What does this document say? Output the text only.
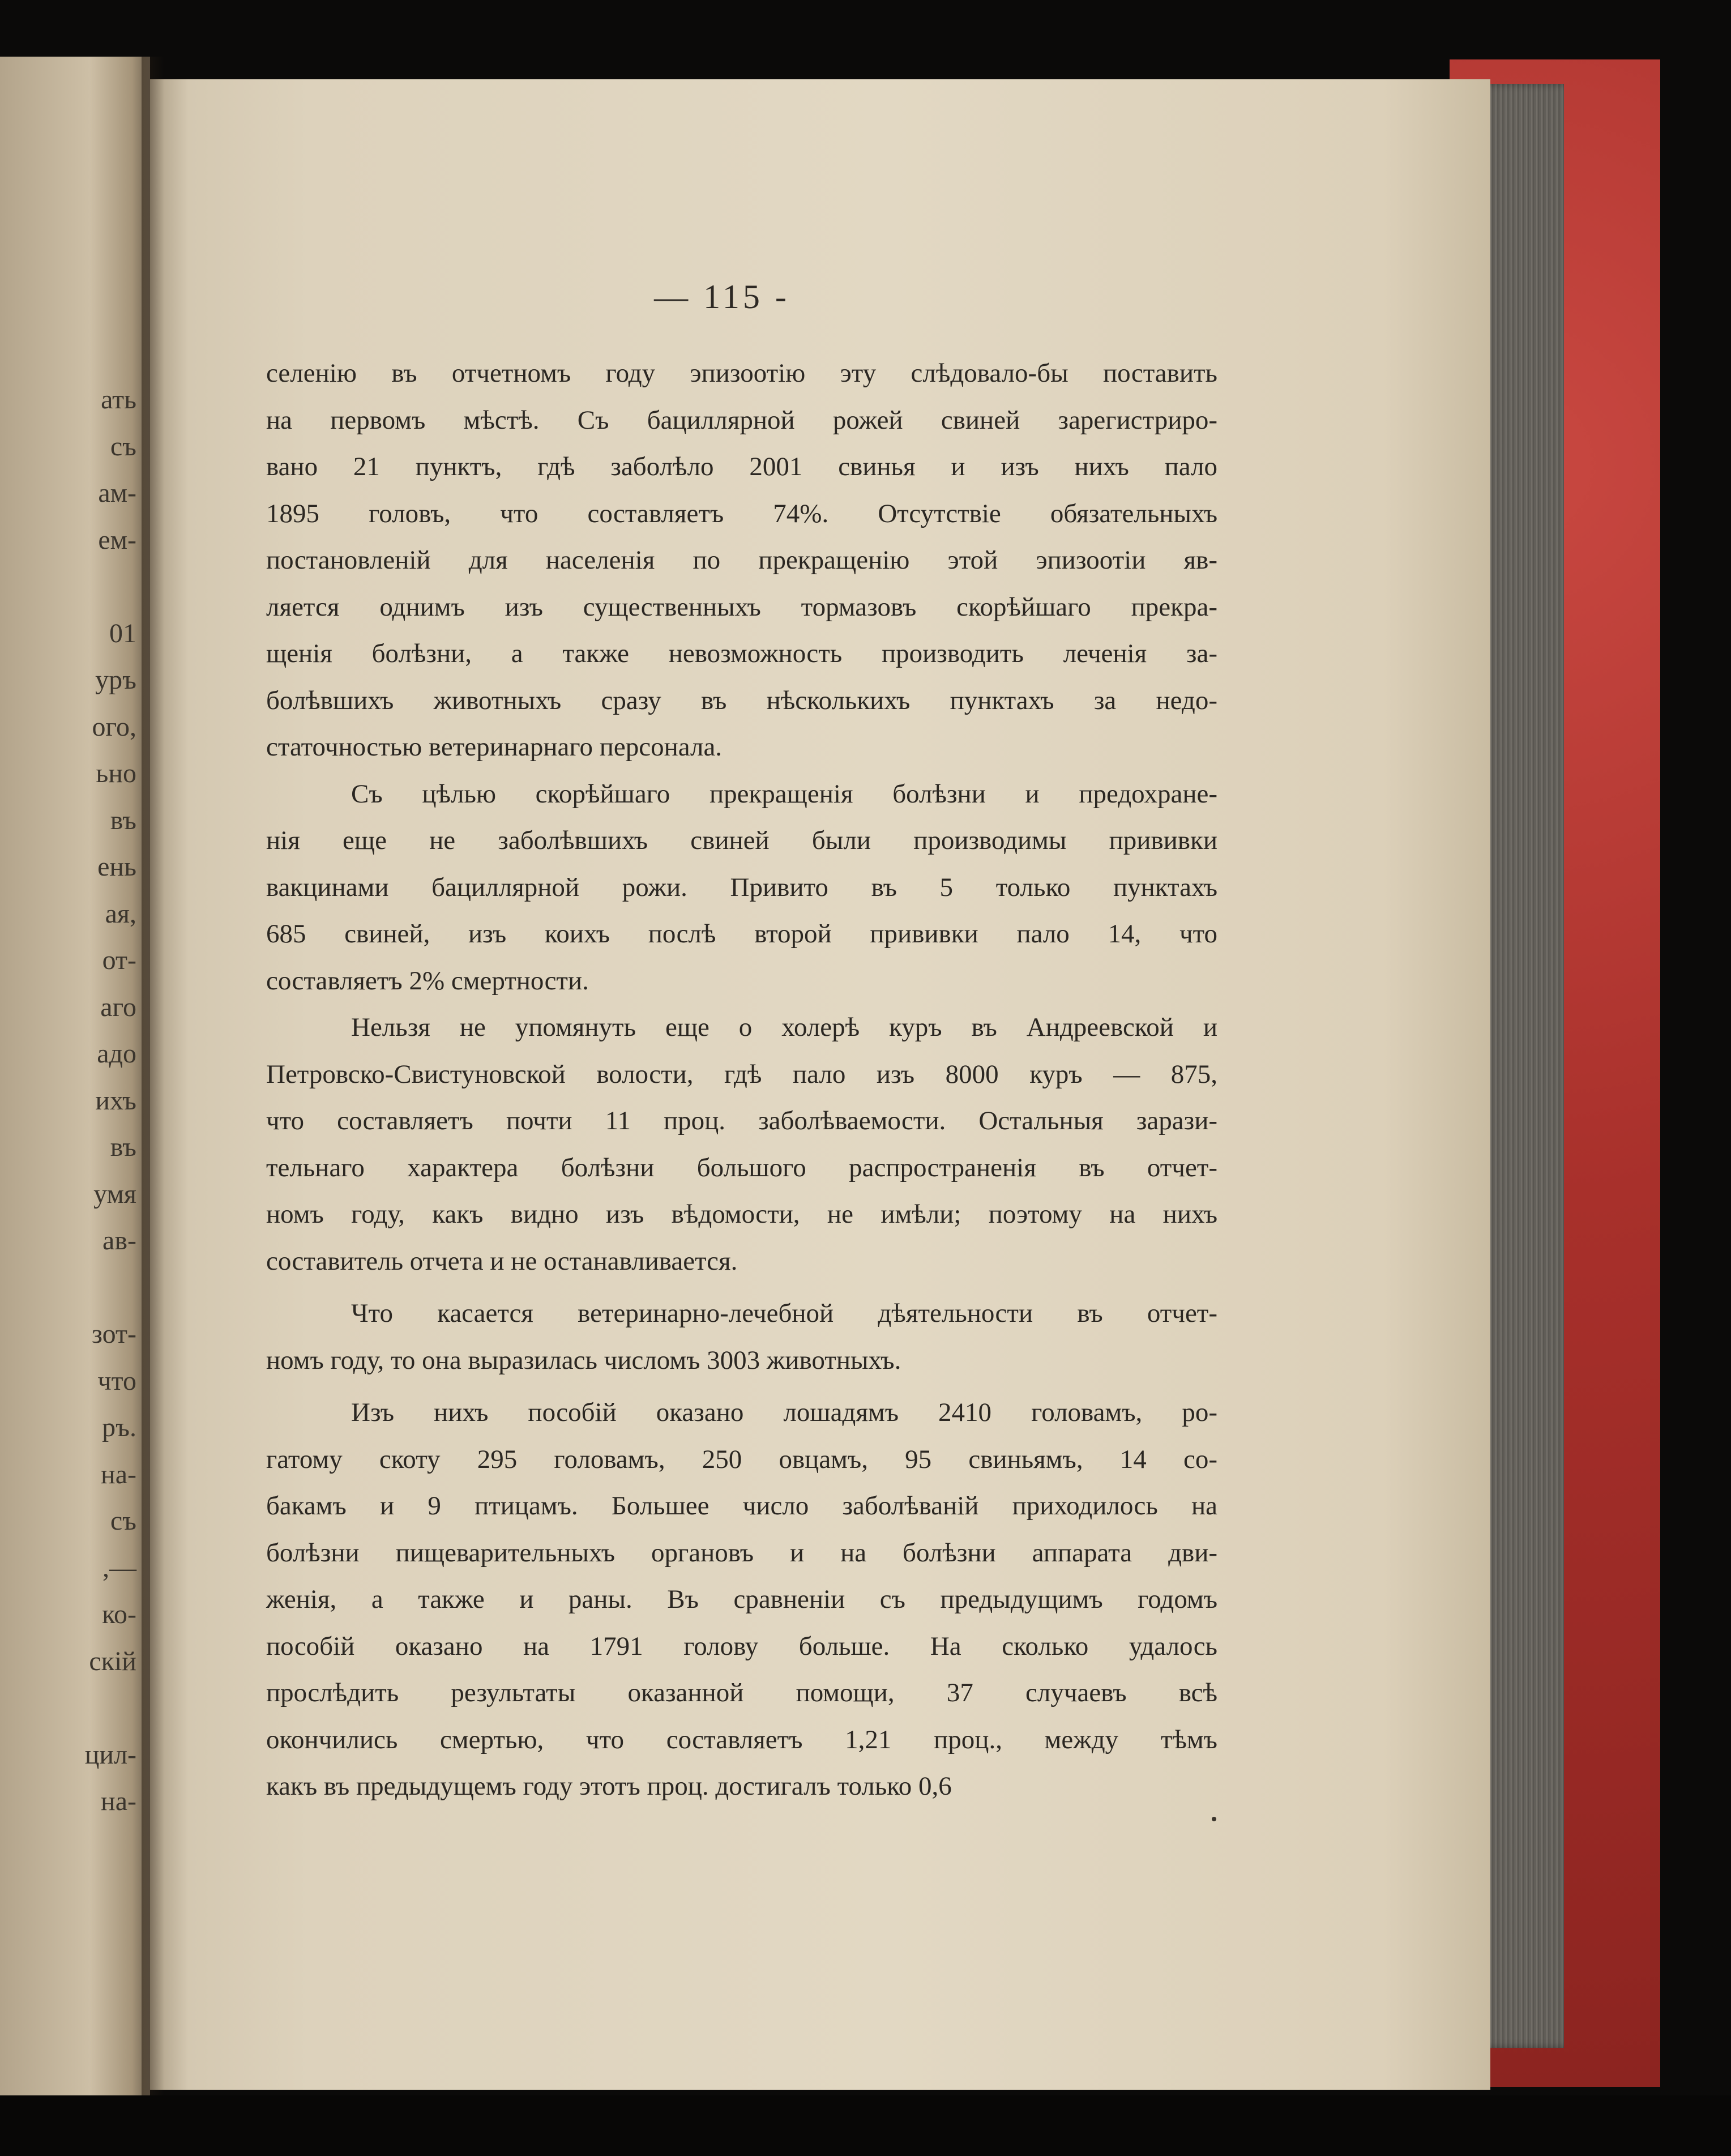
ать
съ
ам-
ем-
01
уръ
ого,
ьно
въ
ень
ая,
от-
аго
адо
ихъ
въ
умя
ав-
зот-
что
ръ.
на-
съ
,—
ко-
скій
цил-
на-
— 115 -
селенію въ отчетномъ году эпизоотію эту слѣдовало-бы поставить
на первомъ мѣстѣ. Съ бациллярной рожей свиней зарегистриро-
вано 21 пунктъ, гдѣ заболѣло 2001 свинья и изъ нихъ пало
1895 головъ, что составляетъ 74%. Отсутствіе обязательныхъ
постановленій для населенія по прекращенію этой эпизоотіи яв-
ляется однимъ изъ существенныхъ тормазовъ скорѣйшаго прекра-
щенія болѣзни, а также невозможность производить леченія за-
болѣвшихъ животныхъ сразу въ нѣсколькихъ пунктахъ за недо-
статочностью ветеринарнаго персонала.
Съ цѣлью скорѣйшаго прекращенія болѣзни и предохране-
нія еще не заболѣвшихъ свиней были производимы прививки
вакцинами бациллярной рожи. Привито въ 5 только пунктахъ
685 свиней, изъ коихъ послѣ второй прививки пало 14, что
составляетъ 2% смертности.
Нельзя не упомянуть еще о холерѣ куръ въ Андреевской и
Петровско-Свистуновской волости, гдѣ пало изъ 8000 куръ — 875,
что составляетъ почти 11 проц. заболѣваемости. Остальныя зарази-
тельнаго характера болѣзни большого распространенія въ отчет-
номъ году, какъ видно изъ вѣдомости, не имѣли; поэтому на нихъ
составитель отчета и не останавливается.
Что касается ветеринарно-лечебной дѣятельности въ отчет-
номъ году, то она выразилась числомъ 3003 животныхъ.
Изъ нихъ пособій оказано лошадямъ 2410 головамъ, ро-
гатому скоту 295 головамъ, 250 овцамъ, 95 свиньямъ, 14 со-
бакамъ и 9 птицамъ. Большее число заболѣваній приходилось на
болѣзни пищеварительныхъ органовъ и на болѣзни аппарата дви-
женія, а также и раны. Въ сравненіи съ предыдущимъ годомъ
пособій оказано на 1791 голову больше. На сколько удалось
прослѣдить результаты оказанной помощи, 37 случаевъ всѣ
окончились смертью, что составляетъ 1,21 проц., между тѣмъ
какъ въ предыдущемъ году этотъ проц. достигалъ только 0,6
